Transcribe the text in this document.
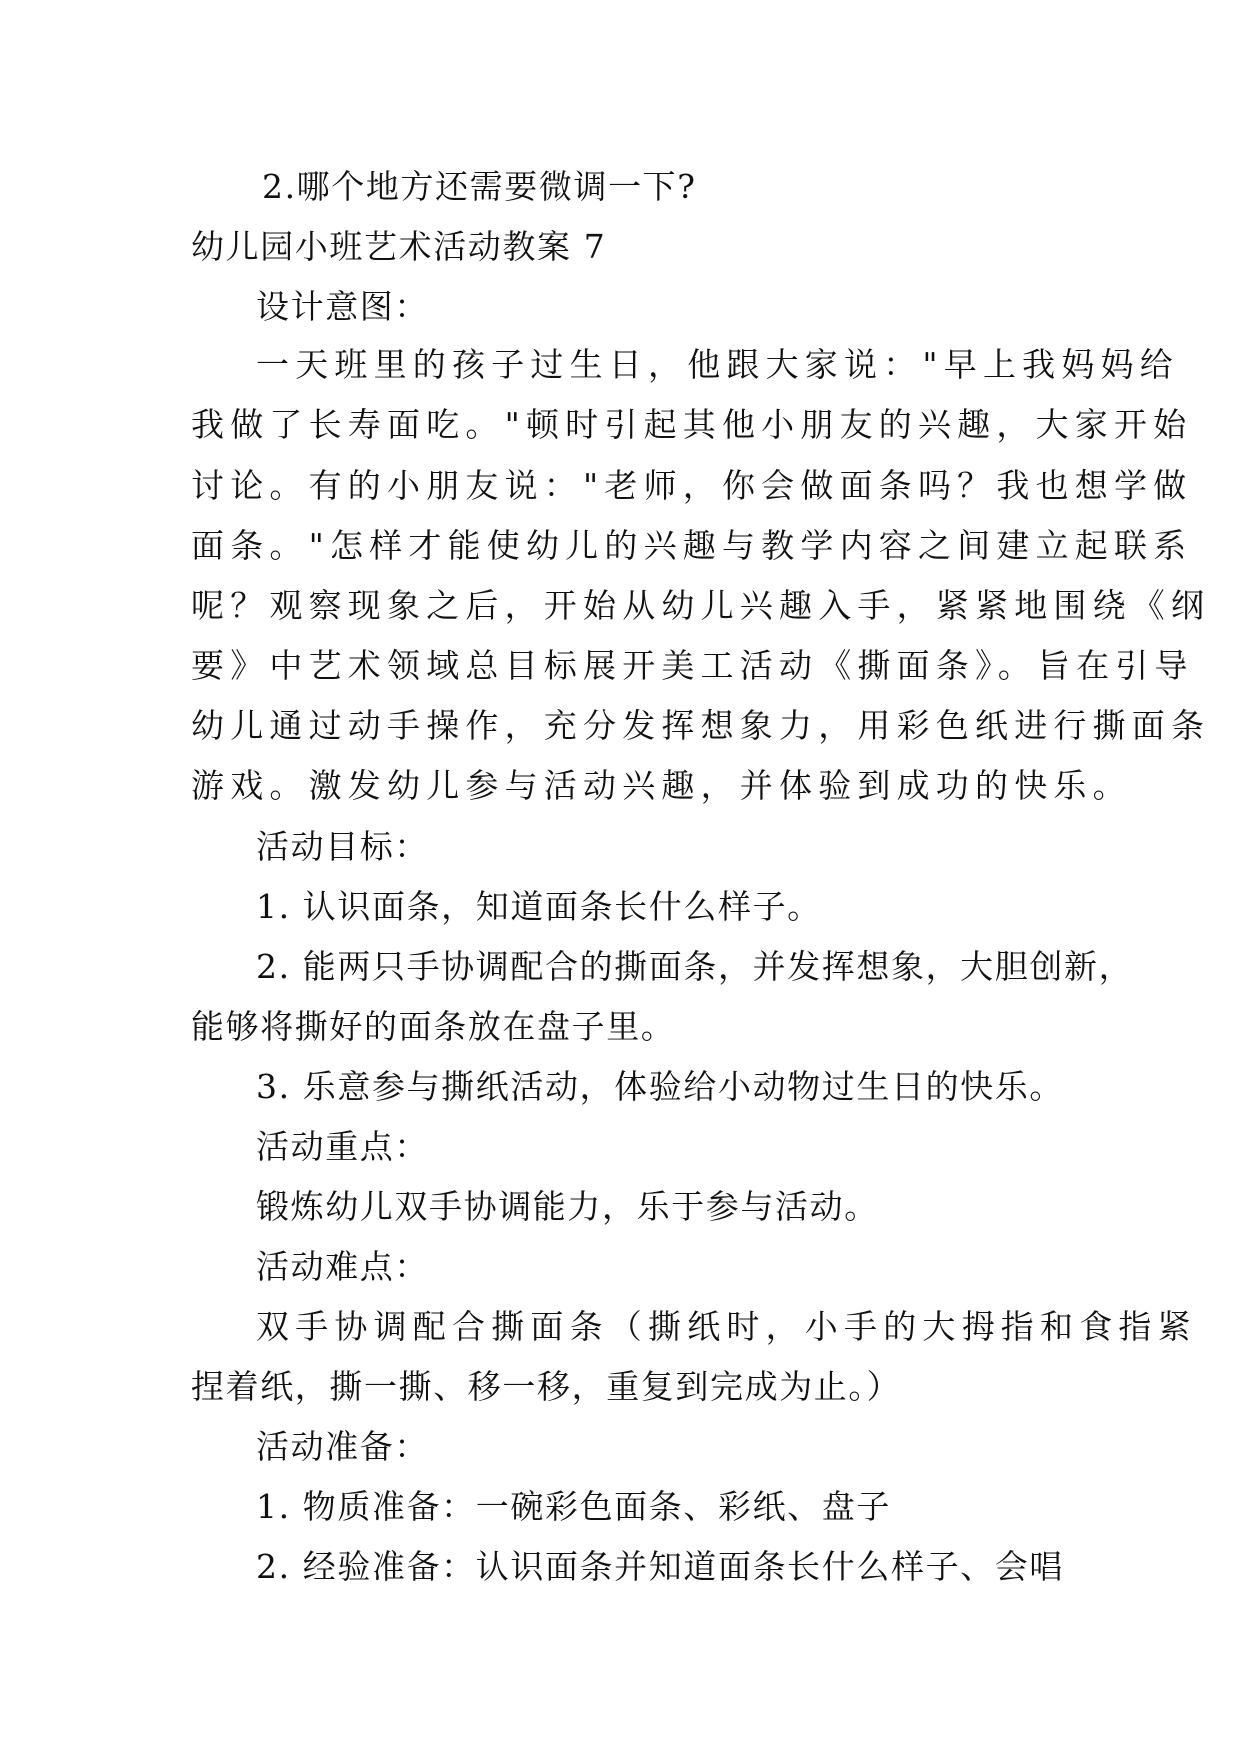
2.哪个地方还需要微调一下?
幼儿园小班艺术活动教案 7
设计意图：
一天班里的孩子过生日，他跟大家说："早上我妈妈给
我做了长寿面吃。"顿时引起其他小朋友的兴趣，大家开始
讨论。有的小朋友说："老师，你会做面条吗？我也想学做
面条。"怎样才能使幼儿的兴趣与教学内容之间建立起联系
呢？观察现象之后，开始从幼儿兴趣入手，紧紧地围绕《纲
要》中艺术领域总目标展开美工活动《撕面条》。旨在引导
幼儿通过动手操作，充分发挥想象力，用彩色纸进行撕面条
游戏。激发幼儿参与活动兴趣，并体验到成功的快乐。
活动目标：
1. 认识面条，知道面条长什么样子。
2. 能两只手协调配合的撕面条，并发挥想象，大胆创新，
能够将撕好的面条放在盘子里。
3. 乐意参与撕纸活动，体验给小动物过生日的快乐。
活动重点：
锻炼幼儿双手协调能力，乐于参与活动。
活动难点：
双手协调配合撕面条（撕纸时，小手的大拇指和食指紧
捏着纸，撕一撕、移一移，重复到完成为止。）
活动准备：
1. 物质准备：一碗彩色面条、彩纸、盘子
2. 经验准备：认识面条并知道面条长什么样子、会唱
